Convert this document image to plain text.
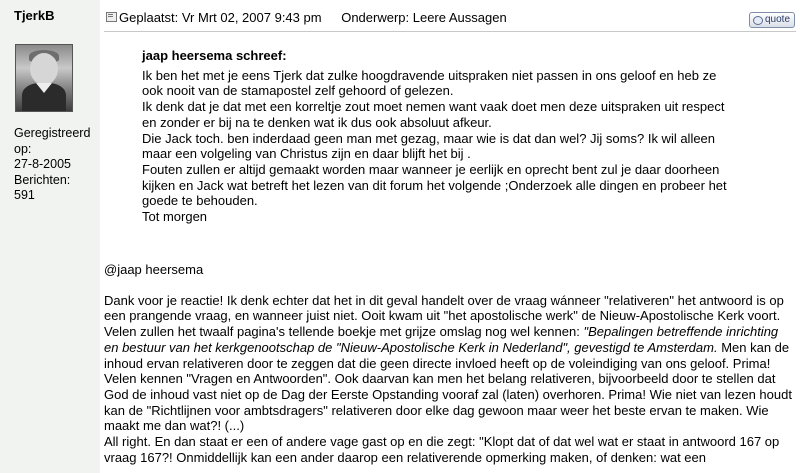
TjerkB
Geregistreerd
op:
27-8-2005
Berichten:
591
Geplaatst: Vr Mrt 02, 2007 9:43 pm Onderwerp: Leere Aussagen	quote
jaap heersema schreef:

Ik ben het met je eens Tjerk dat zulke hoogdravende uitspraken niet passen in ons geloof en heb ze

ook nooit van de stamapostel zelf gehoord of gelezen.

Ik denk dat je dat met een korreltje zout moet nemen want vaak doet men deze uitspraken uit respect

en zonder er bij na te denken wat ik dus ook absoluut afkeur.

Die Jack toch. ben inderdaad geen man met gezag, maar wie is dat dan wel? Jij soms? Ik wil alleen

maar een volgeling van Christus zijn en daar blijft het bij .

Fouten zullen er altijd gemaakt worden maar wanneer je eerlijk en oprecht bent zul je daar doorheen

kijken en Jack wat betreft het lezen van dit forum het volgende ;Onderzoek alle dingen en probeer het

goede te behouden.

Tot morgen

@jaap heersema

Dank voor je reactie! Ik denk echter dat het in dit geval handelt over de vraag wánneer "relativeren" het antwoord is op een prangende vraag, en wanneer juist niet. Ooit kwam uit "het apostolische werk" de Nieuw-Apostolische Kerk voort. Velen zullen het twaalf pagina's tellende boekje met grijze omslag nog wel kennen: "Bepalingen betreffende inrichting en bestuur van het kerkgenootschap de "Nieuw-Apostolische Kerk in Nederland", gevestigd te Amsterdam. Men kan de inhoud ervan relativeren door te zeggen dat die geen directe invloed heeft op de voleindiging van ons geloof. Prima! Velen kennen "Vragen en Antwoorden". Ook daarvan kan men het belang relativeren, bijvoorbeeld door te stellen dat God de inhoud vast niet op de Dag der Eerste Opstanding vooraf zal (laten) overhoren. Prima! Wie niet van lezen houdt kan de "Richtlijnen voor ambtsdragers" relativeren door elke dag gewoon maar weer het beste ervan te maken. Wie maakt me dan wat?! (...)

All right. En dan staat er een of andere vage gast op en die zegt: "Klopt dat of dat wel wat er staat in antwoord 167 op vraag 167?! Onmiddellijk kan een ander daarop een relativerende opmerking maken, of denken: wat een
